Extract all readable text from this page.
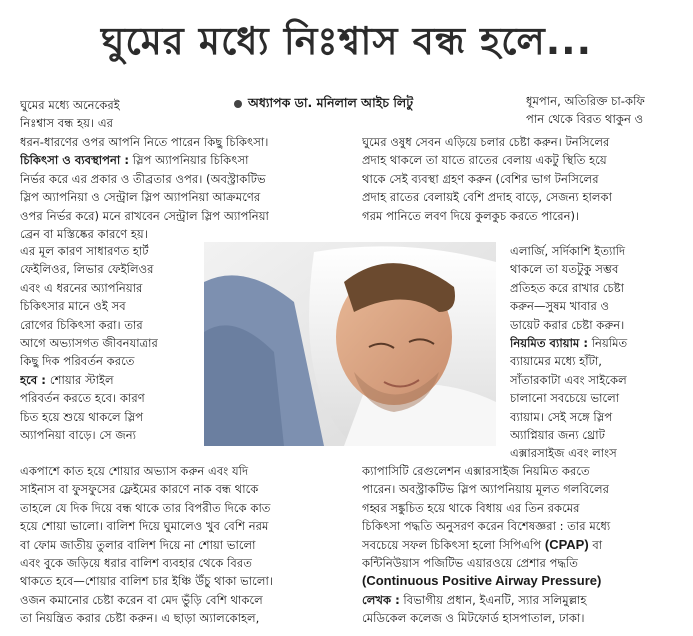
ঘুমের মধ্যে নিঃশ্বাস বন্ধ হলে...
অধ্যাপক ডা. মনিলাল আইচ লিটু

ঘুমের মধ্যে অনেকেরই

নিঃশ্বাস বন্ধ হয়। এর

ধূমপান, অতিরিক্ত চা-কফি

পান থেকে বিরত থাকুন ও

ধরন-ধারণের ওপর আপনি নিতে পারেন কিছু চিকিৎসা।

চিকিৎসা ও ব্যবস্থাপনা : স্লিপ অ্যাপনিয়ার চিকিৎসা

নির্ভর করে এর প্রকার ও তীব্রতার ওপর। (অবস্ট্রাকটিভ

স্লিপ অ্যাপনিয়া ও সেন্ট্রাল স্লিপ অ্যাপনিয়া আক্রমণের

ওপর নির্ভর করে) মনে রাখবেন সেন্ট্রাল স্লিপ অ্যাপনিয়া

ব্রেন বা মস্তিষ্কের কারণে হয়।

ঘুমের ওষুধ সেবন এড়িয়ে চলার চেষ্টা করুন। টনসিলের

প্রদাহ থাকলে তা যাতে রাতের বেলায় একটু স্থিতি হয়ে

থাকে সেই ব্যবস্থা গ্রহণ করুন (বেশির ভাগ টনসিলের

প্রদাহ রাতের বেলায়ই বেশি প্রদাহ বাড়ে, সেজন্য হালকা

গরম পানিতে লবণ দিয়ে কুলকুচ করতে পারেন)।

এর মূল কারণ সাধারণত হার্ট

ফেইলিওর, লিভার ফেইলিওর

এবং এ ধরনের অ্যাপনিয়ার

চিকিৎসার মানে ওই সব

রোগের চিকিৎসা করা। তার

আগে অভ্যাসগত জীবনযাত্রার

কিছু দিক পরিবর্তন করতে

হবে : শোয়ার স্টাইল

পরিবর্তন করতে হবে। কারণ

চিত হয়ে শুয়ে থাকলে স্লিপ

অ্যাপনিয়া বাড়ে। সে জন্য

এলার্জি, সর্দিকাশি ইত্যাদি

থাকলে তা যতটুকু সম্ভব

প্রতিহত করে রাখার চেষ্টা

করুন—সুষম খাবার ও

ডায়েট করার চেষ্টা করুন।

নিয়মিত ব্যায়াম : নিয়মিত

ব্যায়ামের মধ্যে হাঁটা,

সাঁতারকাটা এবং সাইকেল

চালানো সবচেয়ে ভালো

ব্যায়াম। সেই সঙ্গে স্লিপ

অ্যাপ্নিয়ার জন্য থ্রোট

এক্সারসাইজ এবং লাংস

একপাশে কাত হয়ে শোয়ার অভ্যাস করুন এবং যদি

সাইনাস বা ফুসফুসের ফ্লেইমের কারণে নাক বন্ধ থাকে

তাহলে যে দিক দিয়ে বন্ধ থাকে তার বিপরীত দিকে কাত

হয়ে শোয়া ভালো। বালিশ দিয়ে ঘুমালেও খুব বেশি নরম

বা ফোম জাতীয় তুলার বালিশ দিয়ে না শোয়া ভালো

এবং বুকে জড়িয়ে ধরার বালিশ ব্যবহার থেকে বিরত

থাকতে হবে—শোয়ার বালিশ চার ইঞ্চি উঁচু থাকা ভালো।

ওজন কমানোর চেষ্টা করেন বা মেদ ভুঁড়ি বেশি থাকলে

তা নিয়ন্ত্রিত করার চেষ্টা করুন। এ ছাড়া অ্যালকোহল,

ক্যাপাসিটি রেগুলেশন এক্সারসাইজ নিয়মিত করতে

পারেন। অবস্ট্রাকটিভ স্লিপ অ্যাপনিয়ায় মূলত গলবিলের

গহ্বর সঙ্কুচিত হয়ে থাকে বিধায় এর তিন রকমের

চিকিৎসা পদ্ধতি অনুসরণ করেন বিশেষজ্ঞরা : তার মধ্যে

সবচেয়ে সফল চিকিৎসা হলো সিপিএপি (CPAP) বা

কন্টিনিউয়াস পজিটিভ এয়ারওয়ে প্রেশার পদ্ধতি

(Continuous Positive Airway Pressure)

লেখক : বিভাগীয় প্রধান, ইএনটি, স্যার সলিমুল্লাহ

মেডিকেল কলেজ ও মিটফোর্ড হাসপাতাল, ঢাকা।
